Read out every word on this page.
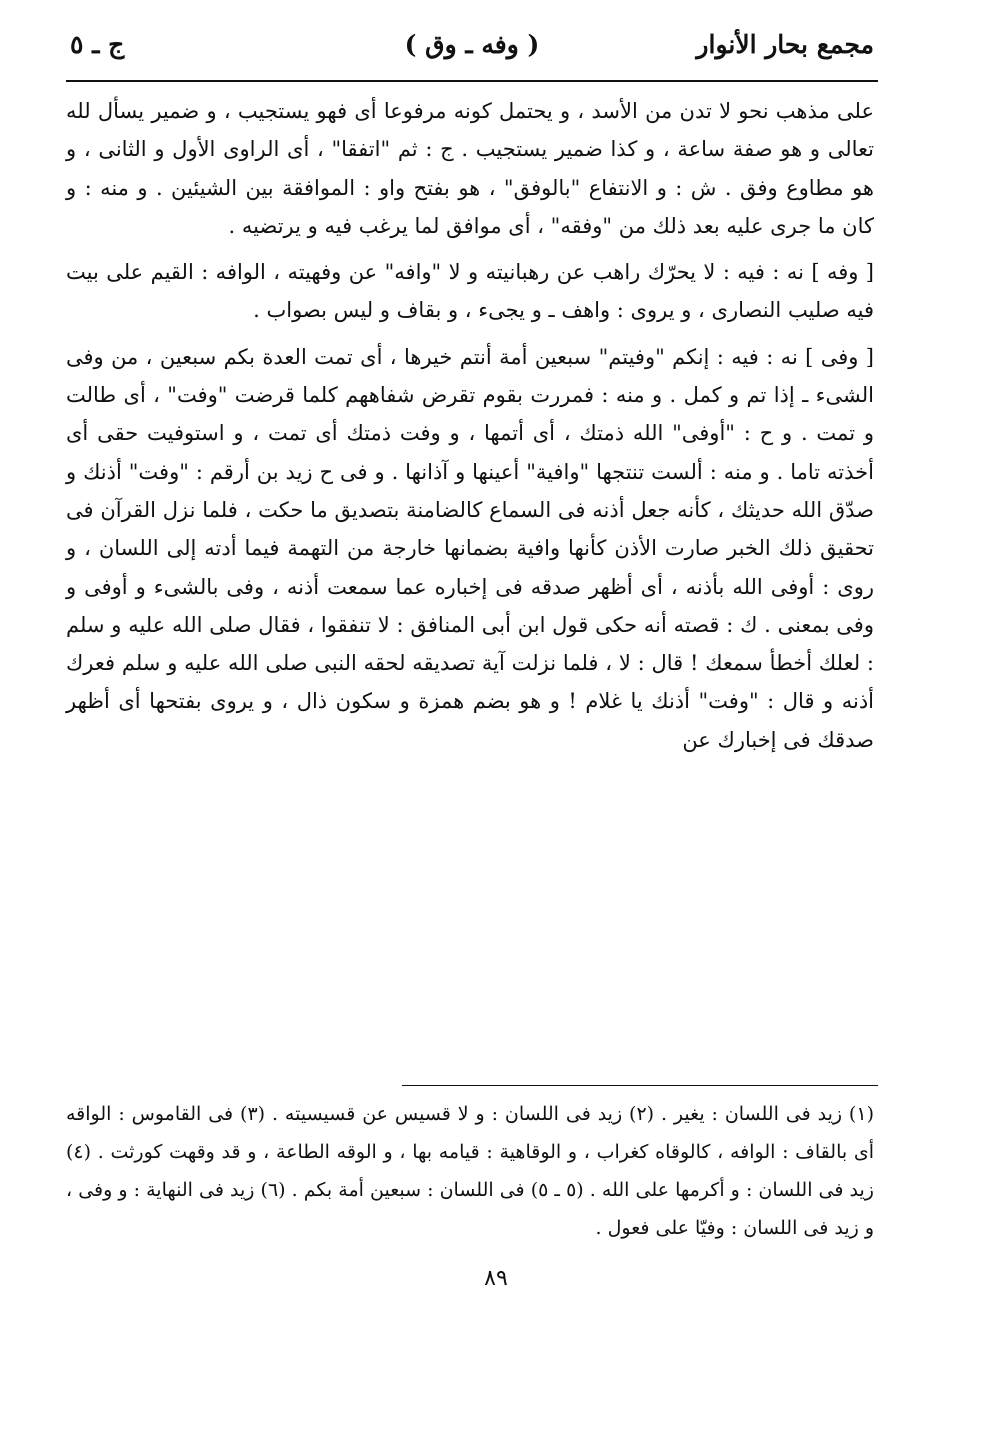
مجمع بحار الأنوار
( وفه ـ وق )
ج ـ ٥

على مذهب نحو لا تدن من الأسد ، و يحتمل كونه مرفوعا أى فهو يستجيب ، و ضمير يسأل لله تعالى و هو صفة ساعة ، و كذا ضمير يستجيب . ج : ثم "اتفقا" ، أى الراوى الأول و الثانى ، و هو مطاوع وفق . ش : و الانتفاع "بالوفق" ، هو بفتح واو : الموافقة بين الشيئين . و منه : و كان ما جرى عليه بعد ذلك من "وفقه" ، أى موافق لما يرغب فيه و يرتضيه .

[ وفه ] نه : فيه : لا يحرّك راهب عن رهبانيته و لا "وافه" عن وفهيته ، الوافه : القيم على بيت فيه صليب النصارى ، و يروى : واهف ـ و يجىء ، و بقاف و ليس بصواب .

[ وفى ] نه : فيه : إنكم "وفيتم" سبعين أمة أنتم خيرها ، أى تمت العدة بكم سبعين ، من وفى الشىء ـ إذا تم و كمل . و منه : فمررت بقوم تقرض شفاههم كلما قرضت "وفت" ، أى طالت و تمت . و ح : "أوفى" الله ذمتك ، أى أتمها ، و وفت ذمتك أى تمت ، و استوفيت حقى أى أخذته تاما . و منه : ألست تنتجها "وافية" أعينها و آذانها . و فى ح زيد بن أرقم : "وفت" أذنك و صدّق الله حديثك ، كأنه جعل أذنه فى السماع كالضامنة بتصديق ما حكت ، فلما نزل القرآن فى تحقيق ذلك الخبر صارت الأذن كأنها وافية بضمانها خارجة من التهمة فيما أدته إلى اللسان ، و روى : أوفى الله بأذنه ، أى أظهر صدقه فى إخباره عما سمعت أذنه ، وفى بالشىء و أوفى و وفى بمعنى . ك : قصته أنه حكى قول ابن أبى المنافق : لا تنفقوا ، فقال صلى الله عليه و سلم : لعلك أخطأ سمعك ! قال : لا ، فلما نزلت آية تصديقه لحقه النبى صلى الله عليه و سلم فعرك أذنه و قال : "وفت" أذنك يا غلام ! و هو بضم همزة و سكون ذال ، و يروى بفتحها أى أظهر صدقك فى إخبارك عن

(١) زيد فى اللسان : يغير . (٢) زيد فى اللسان : و لا قسيس عن قسيسيته . (٣) فى القاموس : الواقه أى بالقاف : الوافه ، كالوقاه كغراب ، و الوقاهية : قيامه بها ، و الوقه الطاعة ، و قد وقهت كورثت . (٤) زيد فى اللسان : و أكرمها على الله . (٥ ـ ٥) فى اللسان : سبعين أمة بكم . (٦) زيد فى النهاية : و وفى ، و زيد فى اللسان : وفيّا على فعول .

٨٩
